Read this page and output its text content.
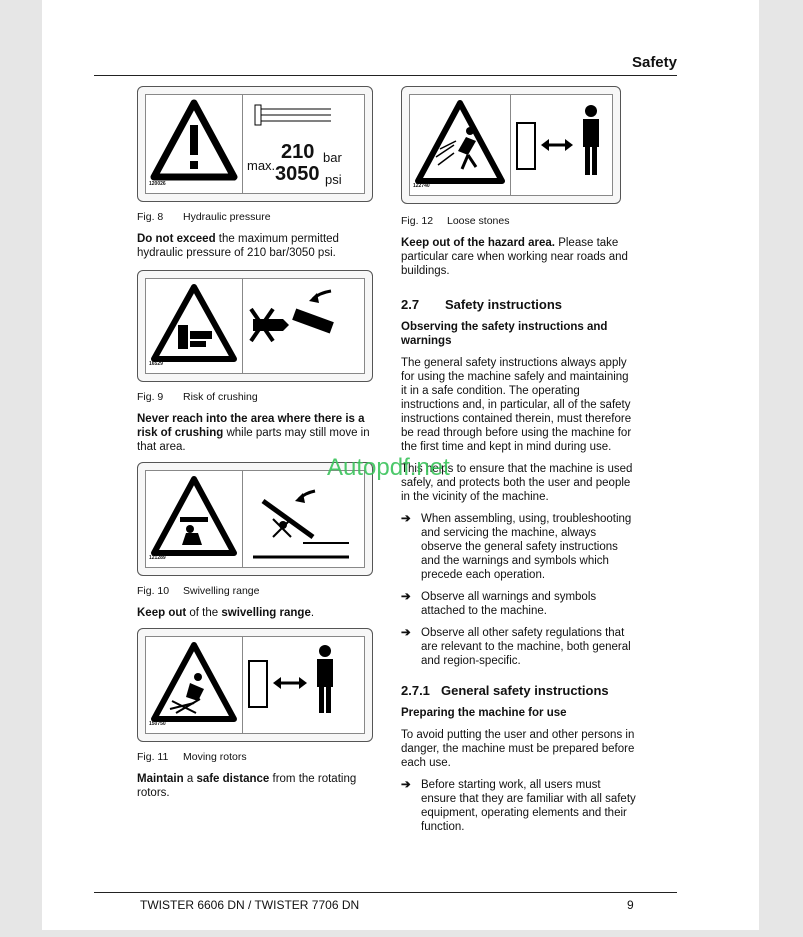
Safety
120026
max.
210 bar
3050 psi
Fig. 8 Hydraulic pressure
Do not exceed the maximum permitted hydraulic pressure of 210 bar/3050 psi.
16529
Fig. 9 Risk of crushing
Never reach into the area where there is a risk of crushing while parts may still move in that area.
121289
Fig. 10 Swivelling range
Keep out of the swivelling range.
150750
Fig. 11 Moving rotors
Maintain a safe distance from the rotating rotors.
122740
Fig. 12 Loose stones
Keep out of the hazard area. Please take particular care when working near roads and buildings.
2.7 Safety instructions
Observing the safety instructions and warnings

The general safety instructions always apply for using the machine safely and maintaining it in a safe condition. The operating instructions and, in particular, all of the safety instructions contained therein, must therefore be read through before using the machine for the first time and kept in mind during use.

This helps to ensure that the machine is used safely, and protects both the user and people in the vicinity of the machine.

➔ When assembling, using, troubleshooting and servicing the machine, always observe the general safety instructions and the warnings and symbols which precede each operation.
➔ Observe all warnings and symbols attached to the machine.
➔ Observe all other safety regulations that are relevant to the machine, both general and region-specific.
2.7.1 General safety instructions
Preparing the machine for use

To avoid putting the user and other persons in danger, the machine must be prepared before each use.

➔ Before starting work, all users must ensure that they are familiar with all safety equipment, operating elements and their function.
Autopdf.net
TWISTER 6606 DN / TWISTER 7706 DN	9
